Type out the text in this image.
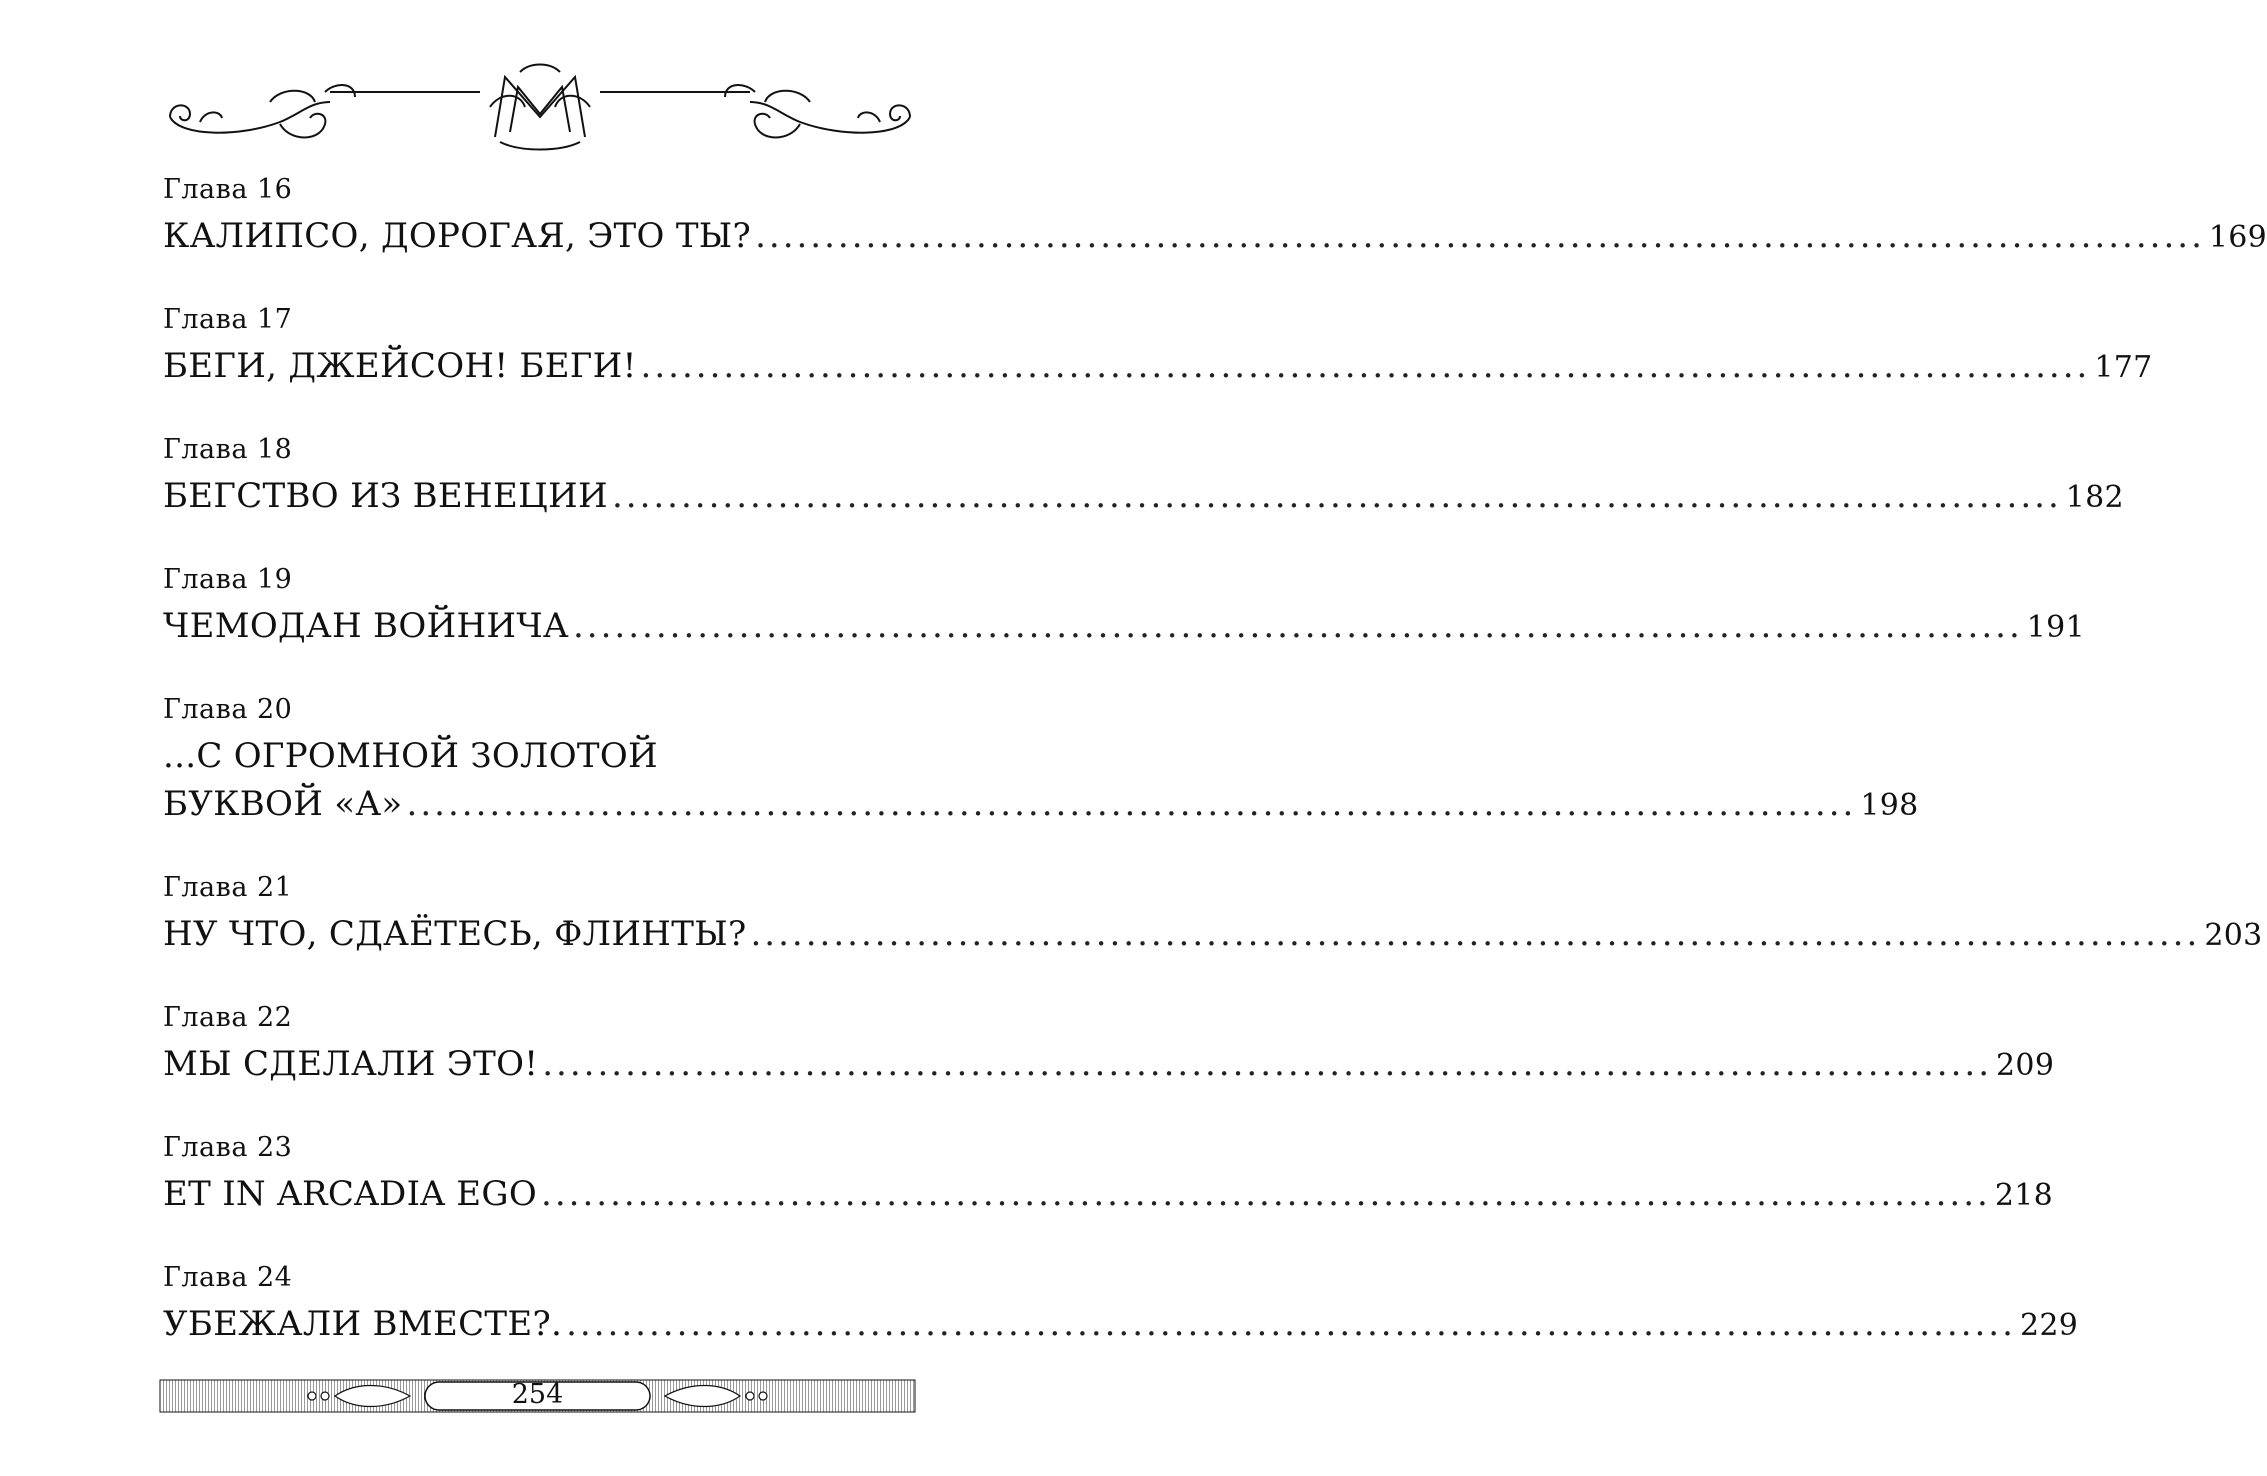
Глава 16
КАЛИПСО, ДОРОГАЯ, ЭТО ТЫ? ......................................................................................................... 169
Глава 17
БЕГИ, ДЖЕЙСОН! БЕГИ! ......................................................................................................... 177
Глава 18
БЕГСТВО ИЗ ВЕНЕЦИИ ......................................................................................................... 182
Глава 19
ЧЕМОДАН ВОЙНИЧА ......................................................................................................... 191
Глава 20
...С ОГРОМНОЙ ЗОЛОТОЙ
БУКВОЙ «А» ......................................................................................................... 198
Глава 21
НУ ЧТО, СДАЁТЕСЬ, ФЛИНТЫ? ......................................................................................................... 203
Глава 22
МЫ СДЕЛАЛИ ЭТО! ......................................................................................................... 209
Глава 23
ET IN ARCADIA EGO ......................................................................................................... 218
Глава 24
УБЕЖАЛИ ВМЕСТЕ?. ......................................................................................................... 229
254
